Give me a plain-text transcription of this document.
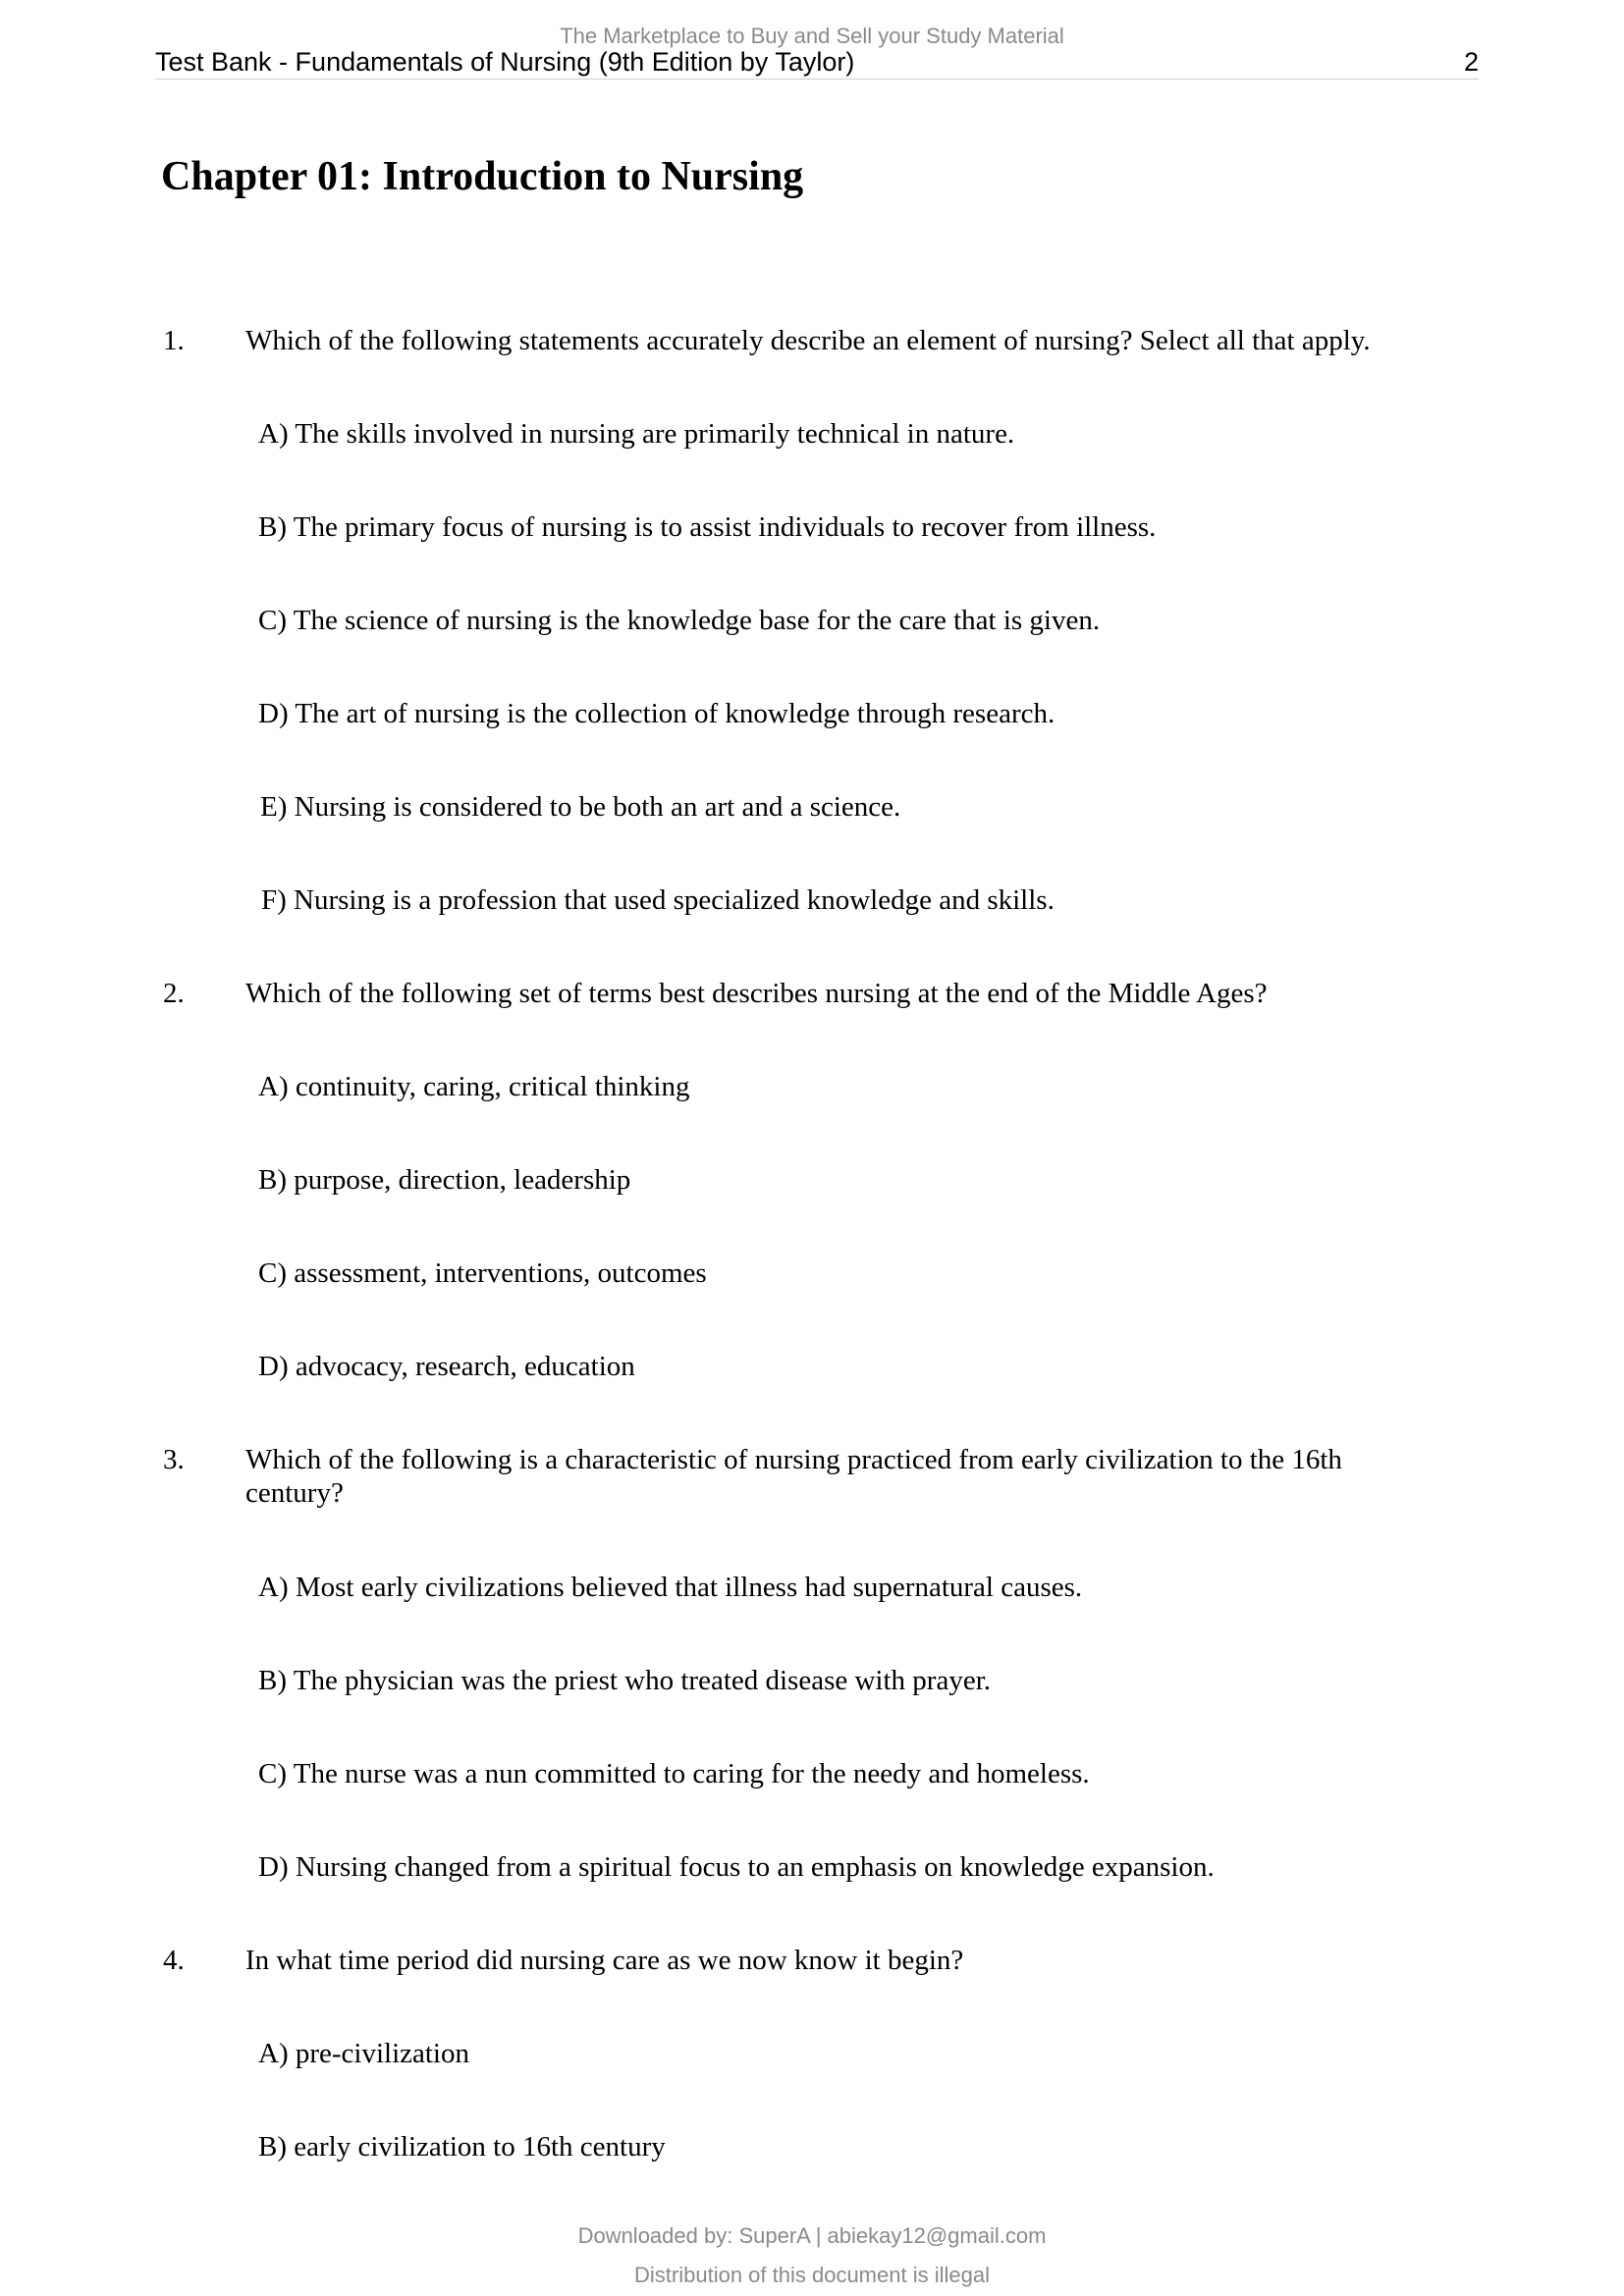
The Marketplace to Buy and Sell your Study Material
Test Bank - Fundamentals of Nursing (9th Edition by Taylor)	2
Chapter 01: Introduction to Nursing
1. Which of the following statements accurately describe an element of nursing? Select all that apply.
A) The skills involved in nursing are primarily technical in nature.
B) The primary focus of nursing is to assist individuals to recover from illness.
C) The science of nursing is the knowledge base for the care that is given.
D) The art of nursing is the collection of knowledge through research.
E) Nursing is considered to be both an art and a science.
F) Nursing is a profession that used specialized knowledge and skills.
2. Which of the following set of terms best describes nursing at the end of the Middle Ages?
A) continuity, caring, critical thinking
B) purpose, direction, leadership
C) assessment, interventions, outcomes
D) advocacy, research, education
3. Which of the following is a characteristic of nursing practiced from early civilization to the 16th century?
A) Most early civilizations believed that illness had supernatural causes.
B) The physician was the priest who treated disease with prayer.
C) The nurse was a nun committed to caring for the needy and homeless.
D) Nursing changed from a spiritual focus to an emphasis on knowledge expansion.
4. In what time period did nursing care as we now know it begin?
A) pre-civilization
B) early civilization to 16th century
Downloaded by: SuperA | abiekay12@gmail.com
Distribution of this document is illegal
